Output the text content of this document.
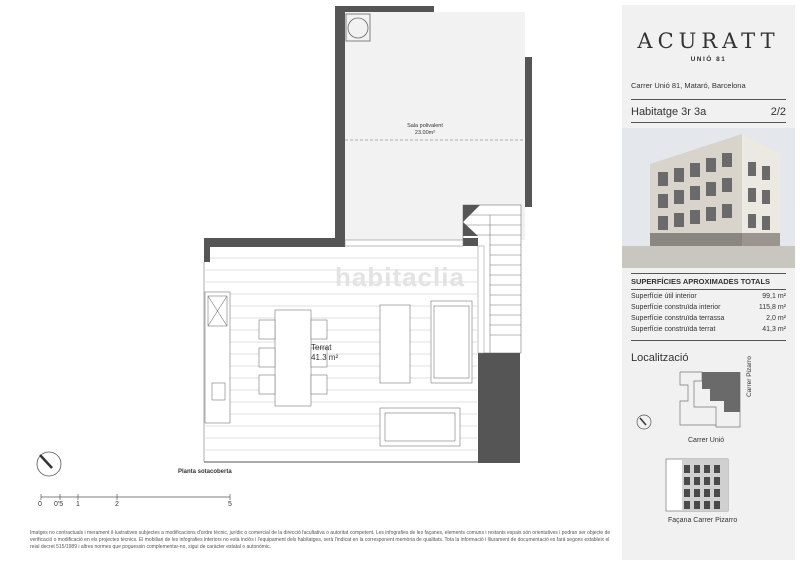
habitaclia
Sala polivalent
23.00m²
Terrat
41.3 m²
Planta sotacoberta
0 0'5 1	2	5
Imatges no contractuals i merament il·lustratives subjectes a modificacions d'ordre tècnic, jurídic o comercial de la direcció facultativa o autoritat competent. Les infografies de les façanes, elements comuns i restants espais són orientatives i podran ser objecte de verificació o modificació en els projectes tècnics. El mobiliari de les infografies interiors no està inclòs i l'equipament dels habitatges, serà l'indicat en la corresponent memòria de qualitats. Tota la informació i lliurament de documentació es farà segons estableix el reial decret 515/1989 i altres normes que poguessin complementar-no, sigui de caràcter estatal o autonòmic.
ACURATT
UNIÓ 81
Carrer Unió 81, Mataró, Barcelona
Habitatge 3r 3a	2/2
SUPERFÍCIES APROXIMADES TOTALS
Superfície útil interior	99,1 m²
Superfície construïda interior	115,8 m²
Superfície construïda terrassa	2,0 m²
Superfície construïda terrat	41,3 m²
Localització	Carrer Pizarro
Carrer Unió
Façana Carrer Pizarro
